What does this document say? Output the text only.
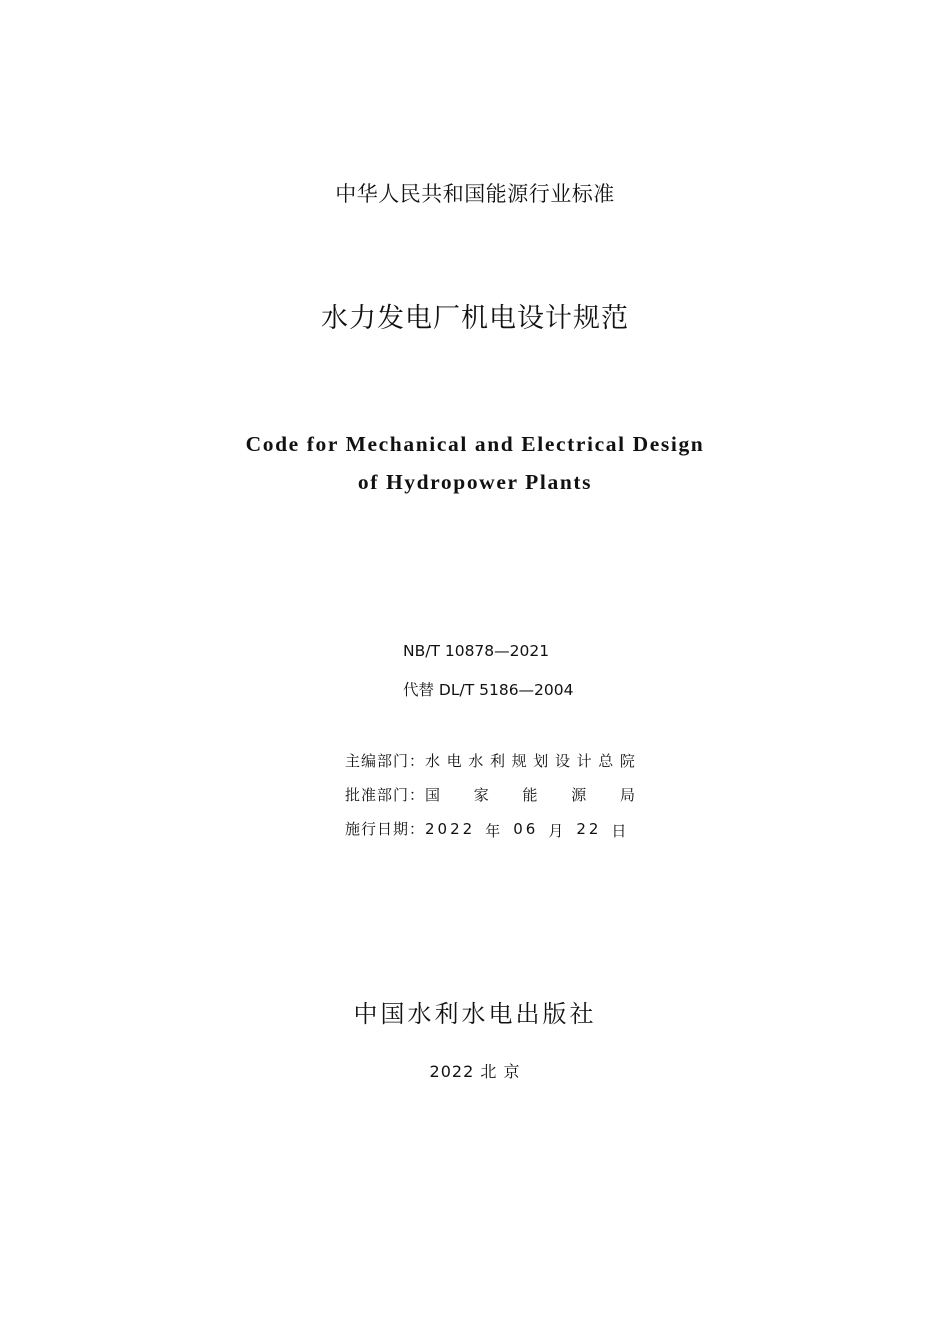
中华人民共和国能源行业标准
水力发电厂机电设计规范
Code for Mechanical and Electrical Design
of Hydropower Plants
NB/T 10878—2021
代替 DL/T 5186—2004
主编部门： 水 电 水 利 规 划 设 计 总 院
批准部门： 国 家 能 源 局
施行日期： 2022 年 06 月 22 日
中国水利水电出版社
2022 北 京
